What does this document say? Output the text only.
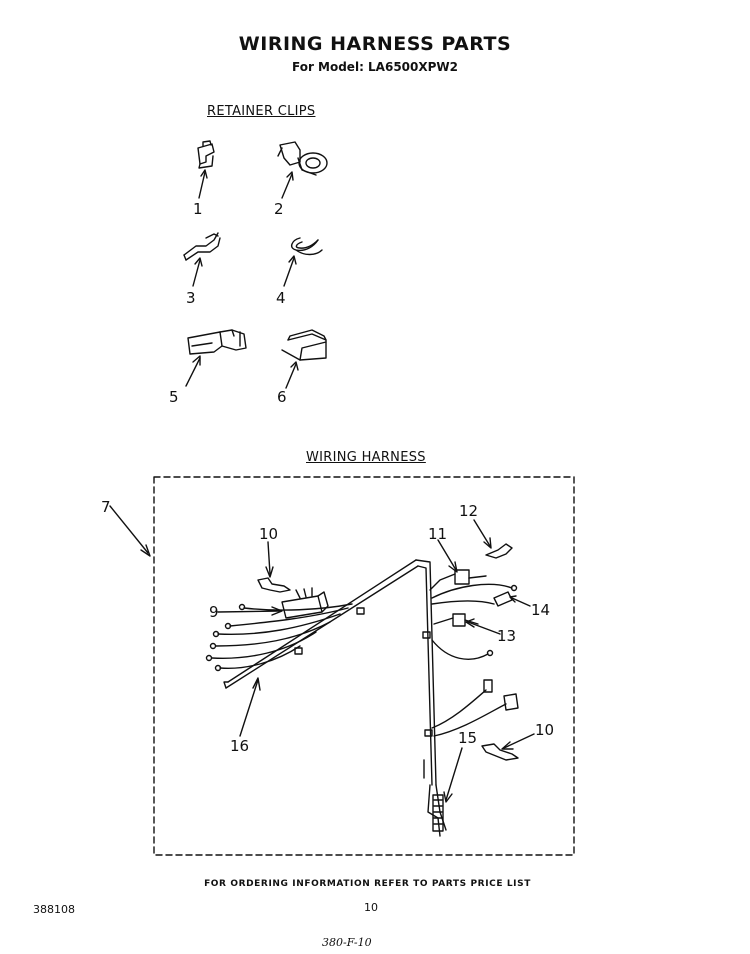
WIRING HARNESS PARTS
For Model: LA6500XPW2
RETAINER CLIPS
WIRING HARNESS
1	2
3	4
5	6
7
9
10	11
12
13
14
10
15
16
FOR ORDERING INFORMATION REFER TO PARTS PRICE LIST
388108	10
380-F-10
